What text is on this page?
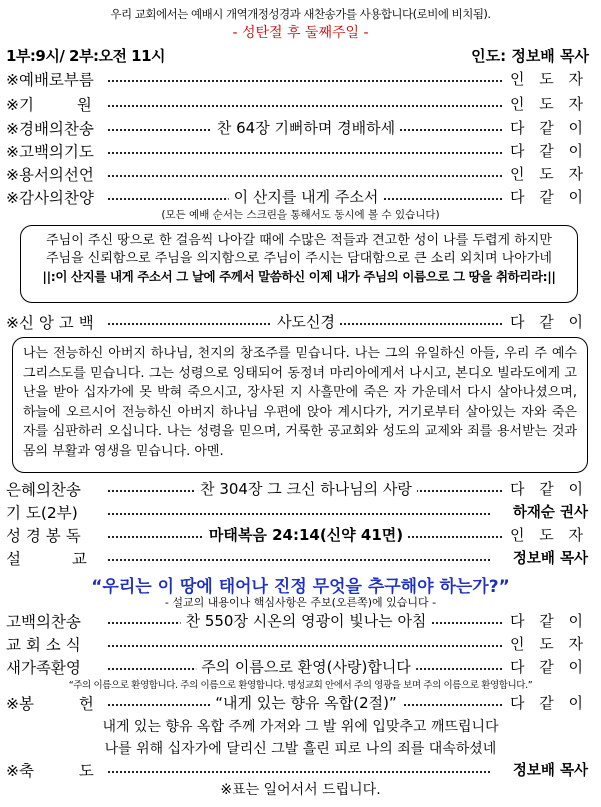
우리 교회에서는 예배시 개역개정성경과 새찬송가를 사용합니다(로비에 비치됨).
- 성탄절 후 둘째주일 -
1부:9시/ 2부:오전 11시	인도: 정보배 목사
※예배로부름	인 도 자
※기 원	인 도 자
※경배의찬송	찬 64장 기뻐하며 경배하세	다 같 이
※고백의기도	다 같 이
※용서의선언	인 도 자
※감사의찬양	이 산지를 내게 주소서	다 같 이
(모든 예배 순서는 스크린을 통해서도 동시에 볼 수 있습니다)
주님이 주신 땅으로 한 걸음씩 나아갈 때에 수많은 적들과 견고한 성이 나를 두렵게 하지만
주님을 신뢰함으로 주님을 의지함으로 주님이 주시는 담대함으로 큰 소리 외치며 나아가네
||:이 산지를 내게 주소서 그 날에 주께서 말씀하신 이제 내가 주님의 이름으로 그 땅을 취하리라:||
※신 앙 고 백	사도신경	다 같 이
나는 전능하신 아버지 하나님, 천지의 창조주를 믿습니다. 나는 그의 유일하신 아들, 우리 주 예수 그리스도를 믿습니다. 그는 성령으로 잉태되어 동정녀 마리아에게서 나시고, 본디오 빌라도에게 고난을 받아 십자가에 못 박혀 죽으시고, 장사된 지 사흘만에 죽은 자 가운데서 다시 살아나셨으며, 하늘에 오르시어 전능하신 아버지 하나님 우편에 앉아 계시다가, 거기로부터 살아있는 자와 죽은 자를 심판하러 오십니다. 나는 성령을 믿으며, 거룩한 공교회와 성도의 교제와 죄를 용서받는 것과 몸의 부활과 영생을 믿습니다. 아멘.
은혜의찬송	찬 304장 그 크신 하나님의 사랑	다 같 이
기 도(2부)	하재순 권사
성 경 봉 독	마태복음 24:14(신약 41면)	인 도 자
설 교	정보배 목사
“우리는 이 땅에 태어나 진정 무엇을 추구해야 하는가?”
- 설교의 내용이나 핵심사항은 주보(오른쪽)에 있습니다 -
고백의찬송	찬 550장 시온의 영광이 빛나는 아침	다 같 이
교 회 소 식	인 도 자
새가족환영	주의 이름으로 환영(사랑)합니다	다 같 이
“주의 이름으로 환영합니다. 주의 이름으로 환영합니다. 명성교회 안에서 주의 영광을 보며 주의 이름으로 환영합니다.”
※봉 헌	“내게 있는 향유 옥합(2절)”	다 같 이
내게 있는 향유 옥합 주께 가져와 그 발 위에 입맞추고 깨뜨립니다
나를 위해 십자가에 달리신 그발 흘린 피로 나의 죄를 대속하셨네
※축 도	정보배 목사
※표는 일어서서 드립니다.
